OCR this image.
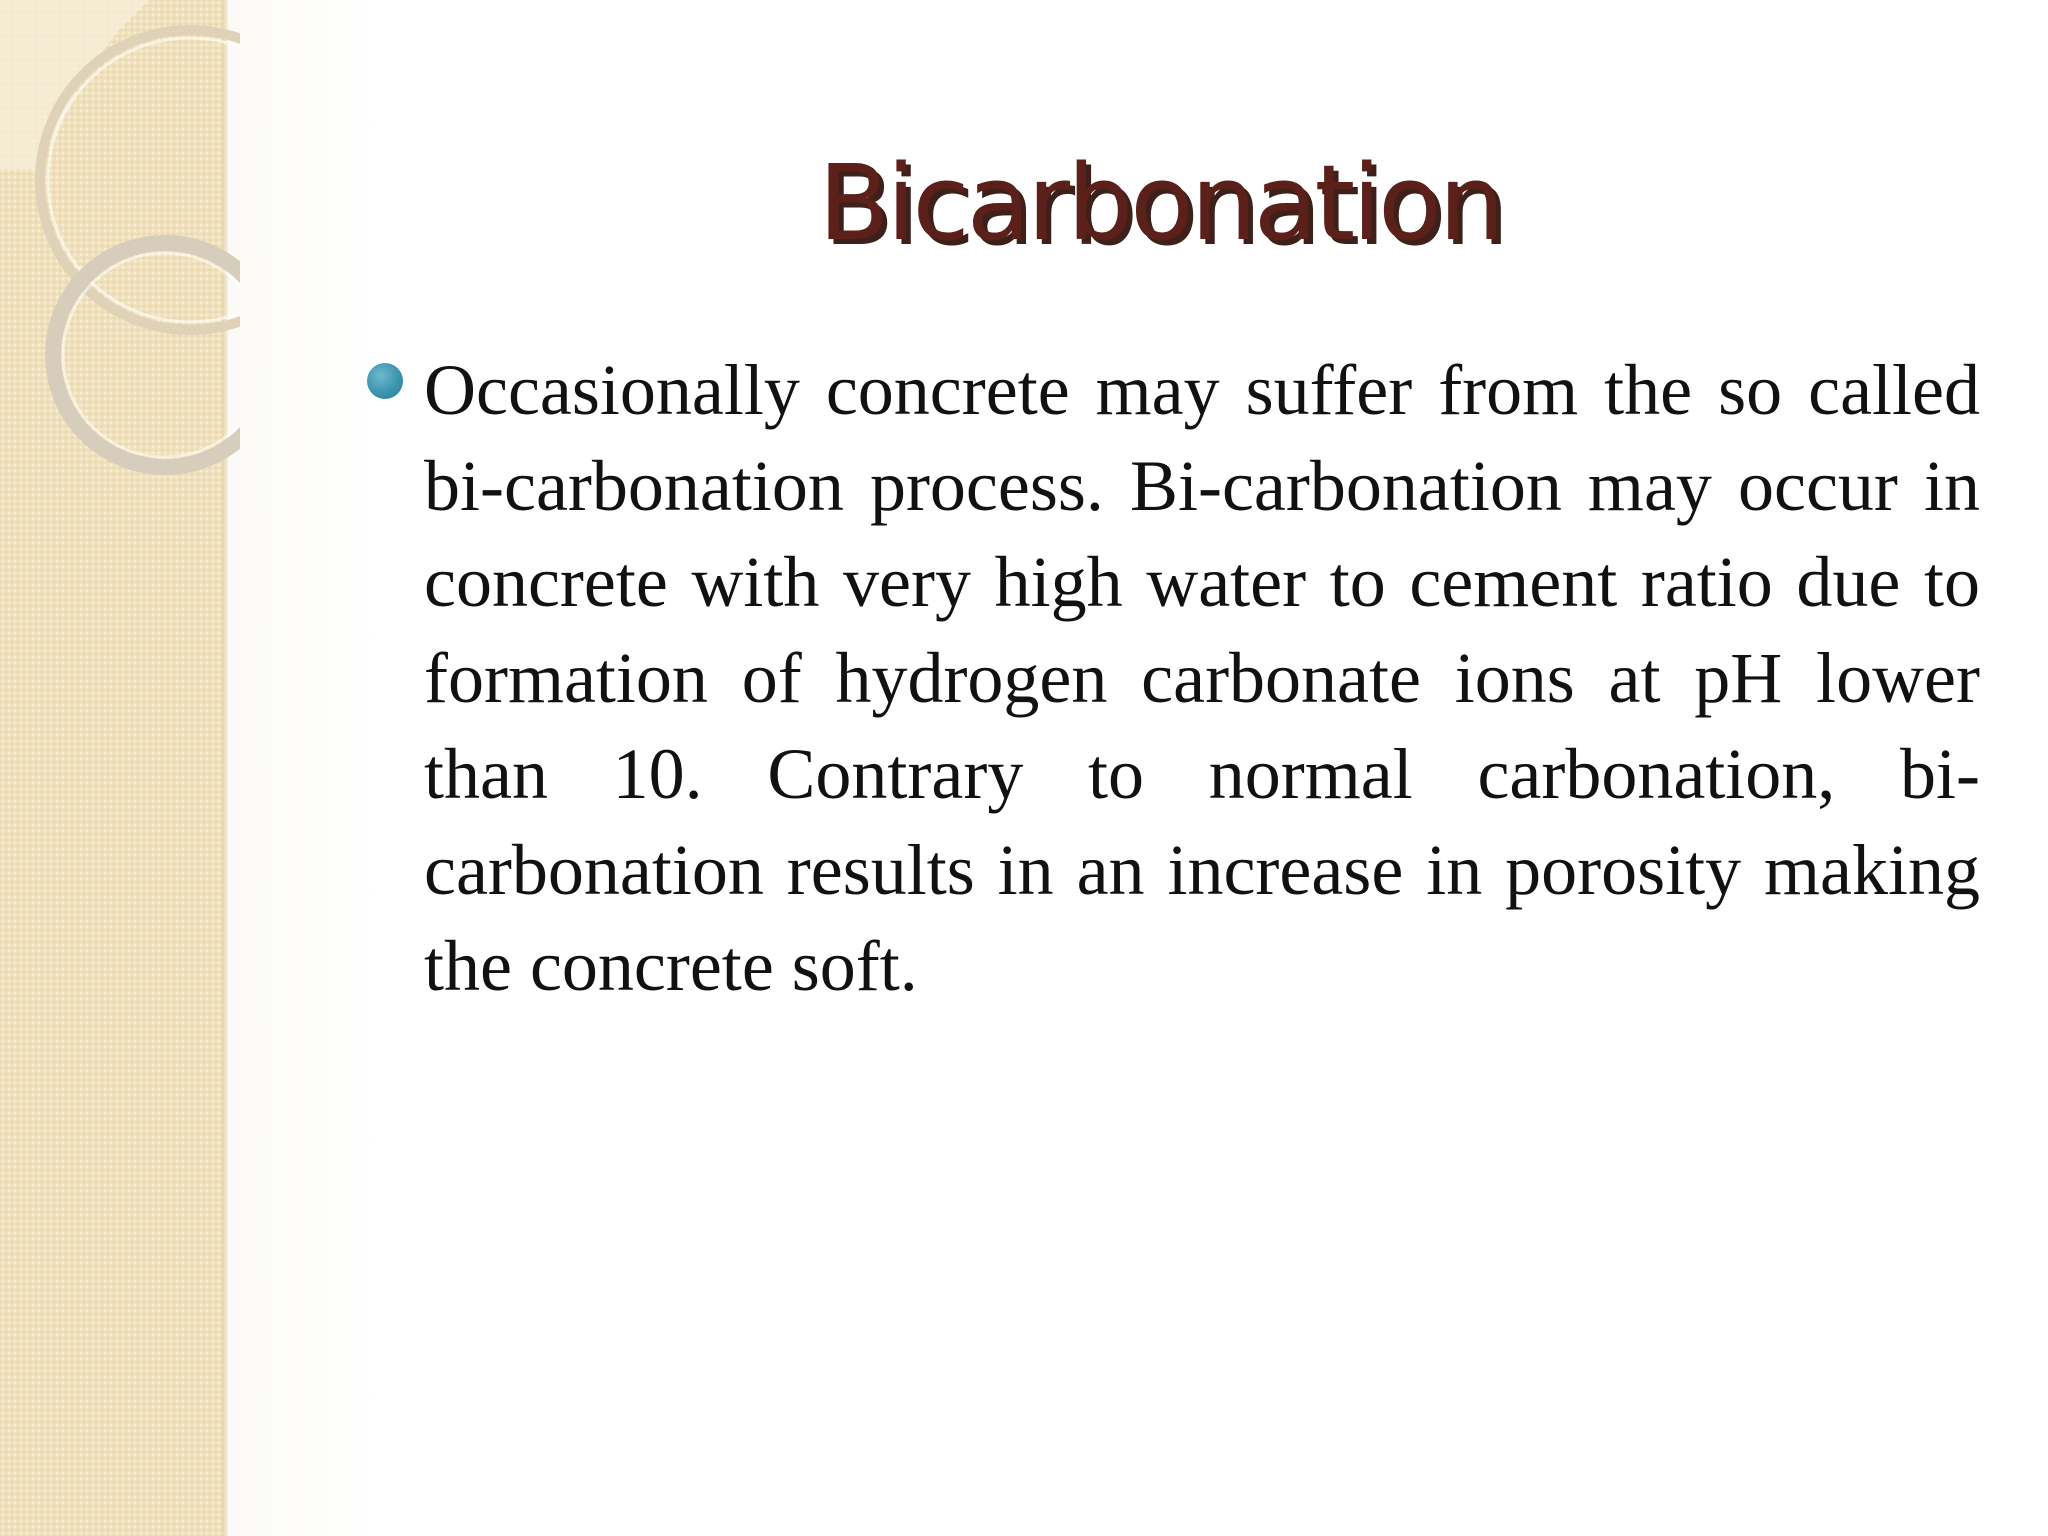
Bicarbonation

Occasionally concrete may suffer from the so called bi-carbonation process. Bi-carbonation may occur in concrete with very high water to cement ratio due to formation of hydrogen carbonate ions at pH lower than 10. Contrary to normal carbonation, bi-carbonation results in an increase in porosity making the concrete soft.
